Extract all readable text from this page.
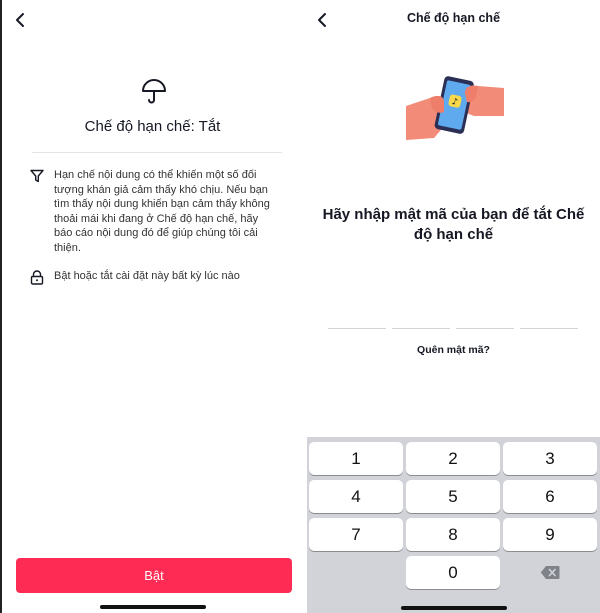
Chế độ hạn chế: Tắt
Hạn chế nội dung có thể khiến một số đối tượng khán giả cảm thấy khó chịu. Nếu bạn tìm thấy nội dung khiến bạn cảm thấy không thoải mái khi đang ở Chế độ hạn chế, hãy báo cáo nội dung đó để giúp chúng tôi cải thiện.
Bật hoặc tắt cài đặt này bất kỳ lúc nào
Bật
Chế độ hạn chế
♪
Hãy nhập mật mã của bạn để tắt Chế độ hạn chế
Quên mật mã?
1	2	3
4	5	6
7	8	9
0
